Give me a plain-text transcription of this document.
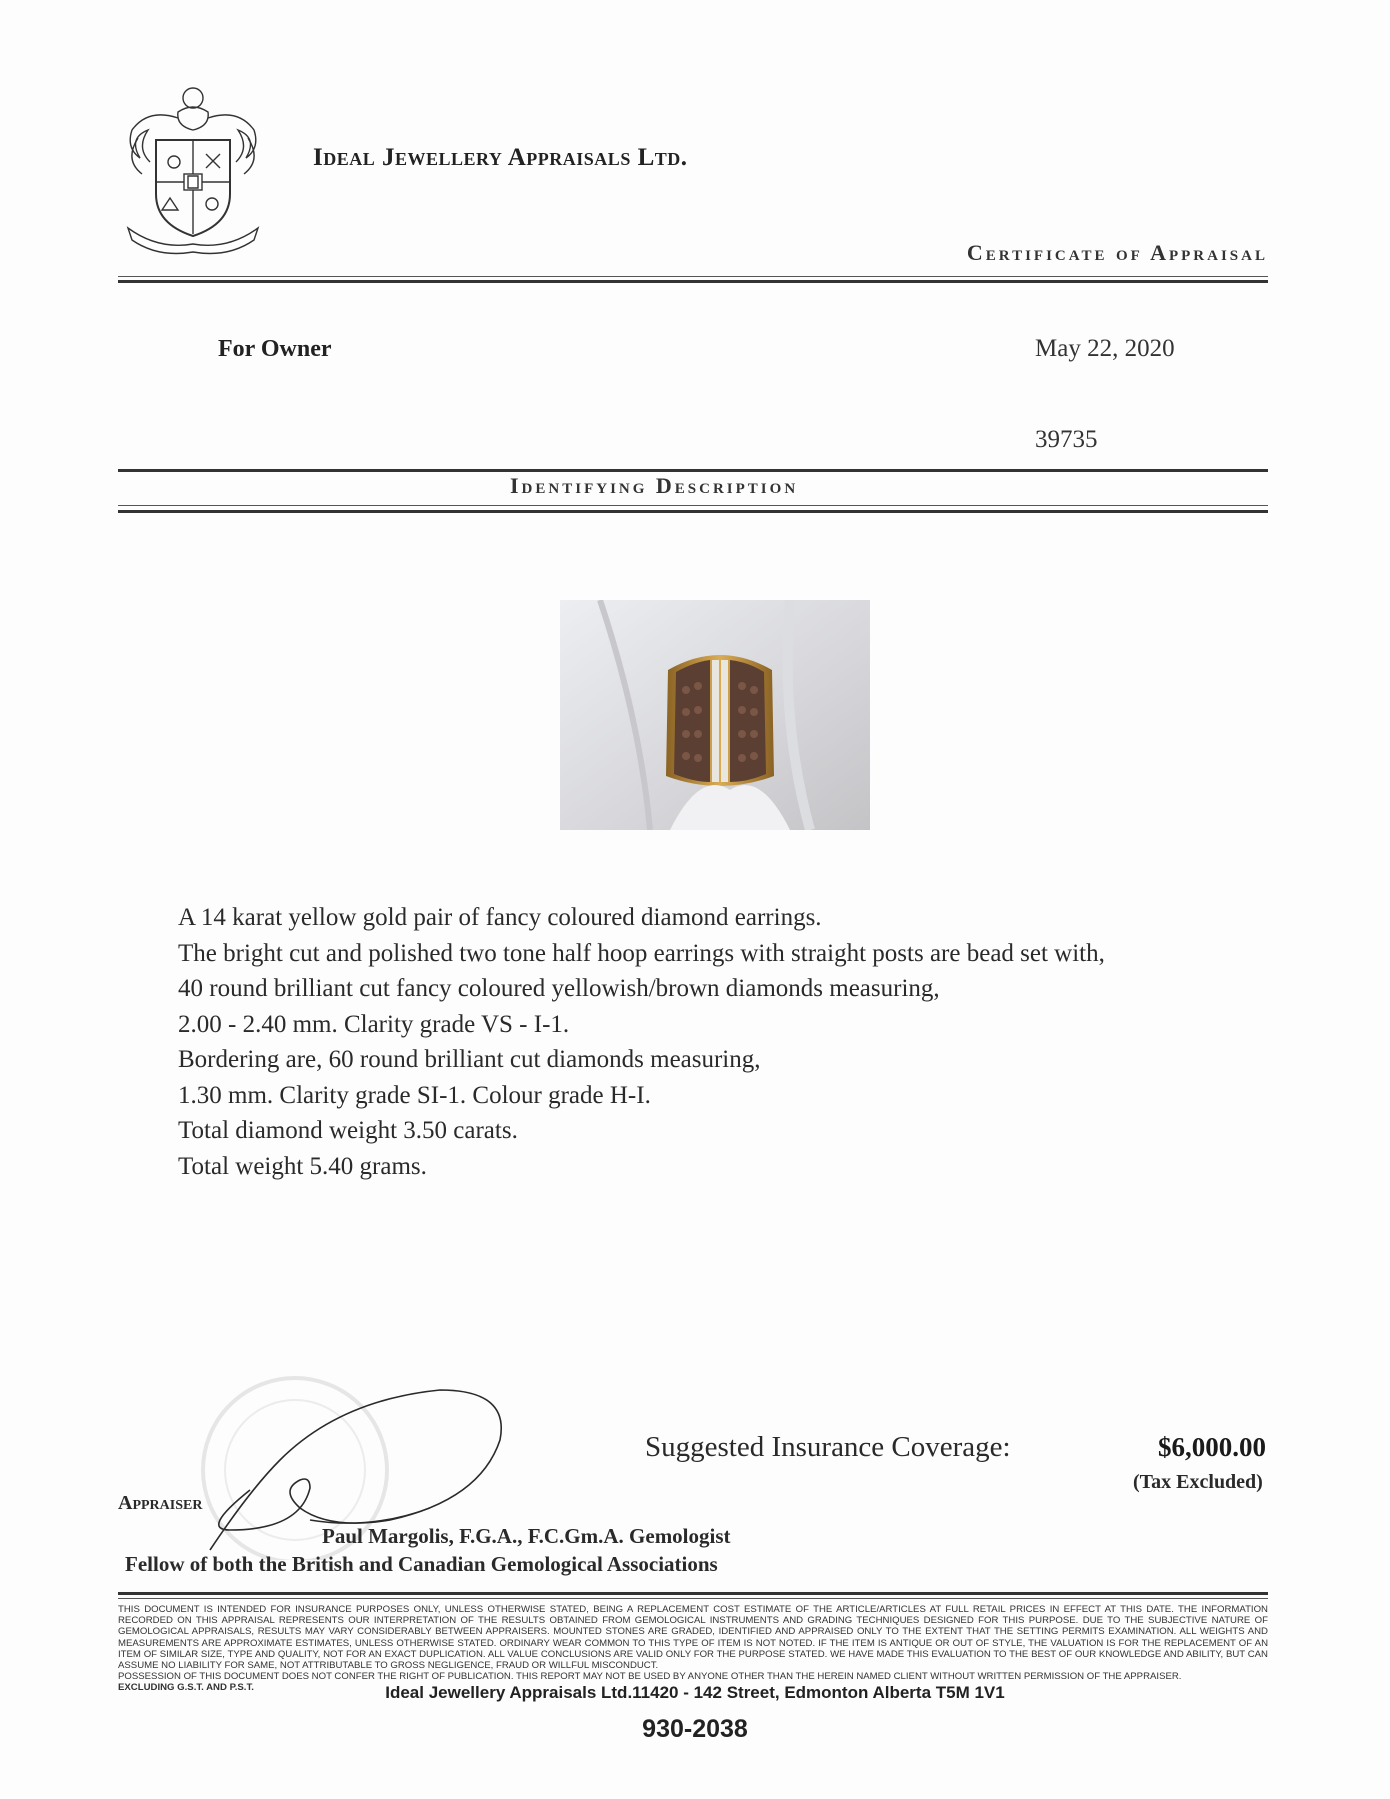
Ideal Jewellery Appraisals Ltd.
Certificate of Appraisal
For Owner	May 22, 2020
39735
Identifying Description
A 14 karat yellow gold pair of fancy coloured diamond earrings.
The bright cut and polished two tone half hoop earrings with straight posts are bead set with,
40 round brilliant cut fancy coloured yellowish/brown diamonds measuring,
2.00 - 2.40 mm. Clarity grade VS - I-1.
Bordering are, 60 round brilliant cut diamonds measuring,
1.30 mm. Clarity grade SI-1. Colour grade H-I.
Total diamond weight 3.50 carats.
Total weight 5.40 grams.
Suggested Insurance Coverage:	$6,000.00
(Tax Excluded)
Appraiser
Paul Margolis, F.G.A., F.C.Gm.A. Gemologist
Fellow of both the British and Canadian Gemological Associations
THIS DOCUMENT IS INTENDED FOR INSURANCE PURPOSES ONLY, UNLESS OTHERWISE STATED, BEING A REPLACEMENT COST ESTIMATE OF THE ARTICLE/ARTICLES AT FULL RETAIL PRICES IN EFFECT AT THIS DATE. THE INFORMATION RECORDED ON THIS APPRAISAL REPRESENTS OUR INTERPRETATION OF THE RESULTS OBTAINED FROM GEMOLOGICAL INSTRUMENTS AND GRADING TECHNIQUES DESIGNED FOR THIS PURPOSE. DUE TO THE SUBJECTIVE NATURE OF GEMOLOGICAL APPRAISALS, RESULTS MAY VARY CONSIDERABLY BETWEEN APPRAISERS. MOUNTED STONES ARE GRADED, IDENTIFIED AND APPRAISED ONLY TO THE EXTENT THAT THE SETTING PERMITS EXAMINATION. ALL WEIGHTS AND MEASUREMENTS ARE APPROXIMATE ESTIMATES, UNLESS OTHERWISE STATED. ORDINARY WEAR COMMON TO THIS TYPE OF ITEM IS NOT NOTED. IF THE ITEM IS ANTIQUE OR OUT OF STYLE, THE VALUATION IS FOR THE REPLACEMENT OF AN ITEM OF SIMILAR SIZE, TYPE AND QUALITY, NOT FOR AN EXACT DUPLICATION. ALL VALUE CONCLUSIONS ARE VALID ONLY FOR THE PURPOSE STATED. WE HAVE MADE THIS EVALUATION TO THE BEST OF OUR KNOWLEDGE AND ABILITY, BUT CAN ASSUME NO LIABILITY FOR SAME, NOT ATTRIBUTABLE TO GROSS NEGLIGENCE, FRAUD OR WILLFUL MISCONDUCT.
POSSESSION OF THIS DOCUMENT DOES NOT CONFER THE RIGHT OF PUBLICATION. THIS REPORT MAY NOT BE USED BY ANYONE OTHER THAN THE HEREIN NAMED CLIENT WITHOUT WRITTEN PERMISSION OF THE APPRAISER.
EXCLUDING G.S.T. AND P.S.T.	Ideal Jewellery Appraisals Ltd.11420 - 142 Street, Edmonton Alberta T5M 1V1
930-2038
